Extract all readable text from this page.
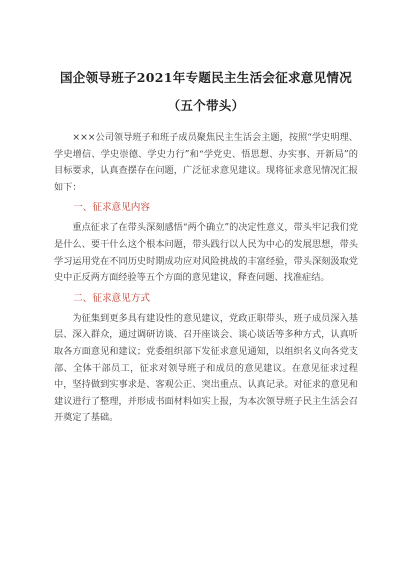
国企领导班子2021年专题民主生活会征求意见情况（五个带头）

×××公司领导班子和班子成员聚焦民主生活会主题，按照“学史明理、学史增信、学史崇德、学史力行”和“学党史、悟思想、办实事、开新局”的目标要求，认真查摆存在问题，广泛征求意见建议。现将征求意见情况汇报如下：

一、征求意见内容

重点征求了在带头深刻感悟“两个确立”的决定性意义，带头牢记我们党是什么、要干什么这个根本问题，带头践行以人民为中心的发展思想，带头学习运用党在不同历史时期成功应对风险挑战的丰富经验，带头深刻汲取党史中正反两方面经验等五个方面的意见建议，释查问题、找准症结。

二、征求意见方式

为征集到更多具有建设性的意见建议，党政正职带头，班子成员深入基层、深入群众，通过调研访谈、召开座谈会、谈心谈话等多种方式，认真听取各方面意见和建议；党委组织部下发征求意见通知，以组织名义向各党支部、全体干部员工，征求对领导班子和成员的意见建议。在意见征求过程中，坚持做到实事求是、客观公正、突出重点、认真记录。对征求的意见和建议进行了整理，并形成书面材料如实上报，为本次领导班子民主生活会召开奠定了基础。
